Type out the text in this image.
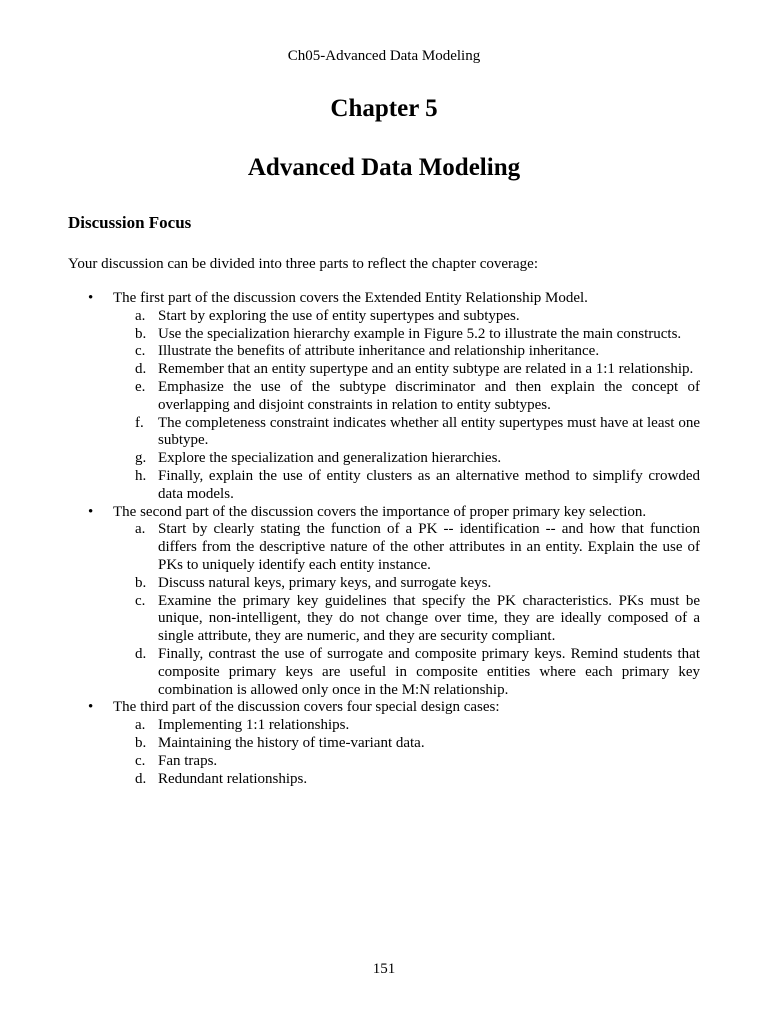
Ch05-Advanced Data Modeling
Chapter 5
Advanced Data Modeling
Discussion Focus

Your discussion can be divided into three parts to reflect the chapter coverage:

• The first part of the discussion covers the Extended Entity Relationship Model.
a. Start by exploring the use of entity supertypes and subtypes.
b. Use the specialization hierarchy example in Figure 5.2 to illustrate the main constructs.
c. Illustrate the benefits of attribute inheritance and relationship inheritance.
d. Remember that an entity supertype and an entity subtype are related in a 1:1 relationship.
e. Emphasize the use of the subtype discriminator and then explain the concept of overlapping and disjoint constraints in relation to entity subtypes.
f. The completeness constraint indicates whether all entity supertypes must have at least one subtype.
g. Explore the specialization and generalization hierarchies.
h. Finally, explain the use of entity clusters as an alternative method to simplify crowded data models.
• The second part of the discussion covers the importance of proper primary key selection.
a. Start by clearly stating the function of a PK -- identification -- and how that function differs from the descriptive nature of the other attributes in an entity. Explain the use of PKs to uniquely identify each entity instance.
b. Discuss natural keys, primary keys, and surrogate keys.
c. Examine the primary key guidelines that specify the PK characteristics. PKs must be unique, non-intelligent, they do not change over time, they are ideally composed of a single attribute, they are numeric, and they are security compliant.
d. Finally, contrast the use of surrogate and composite primary keys. Remind students that composite primary keys are useful in composite entities where each primary key combination is allowed only once in the M:N relationship.
• The third part of the discussion covers four special design cases:
a. Implementing 1:1 relationships.
b. Maintaining the history of time-variant data.
c. Fan traps.
d. Redundant relationships.
151
